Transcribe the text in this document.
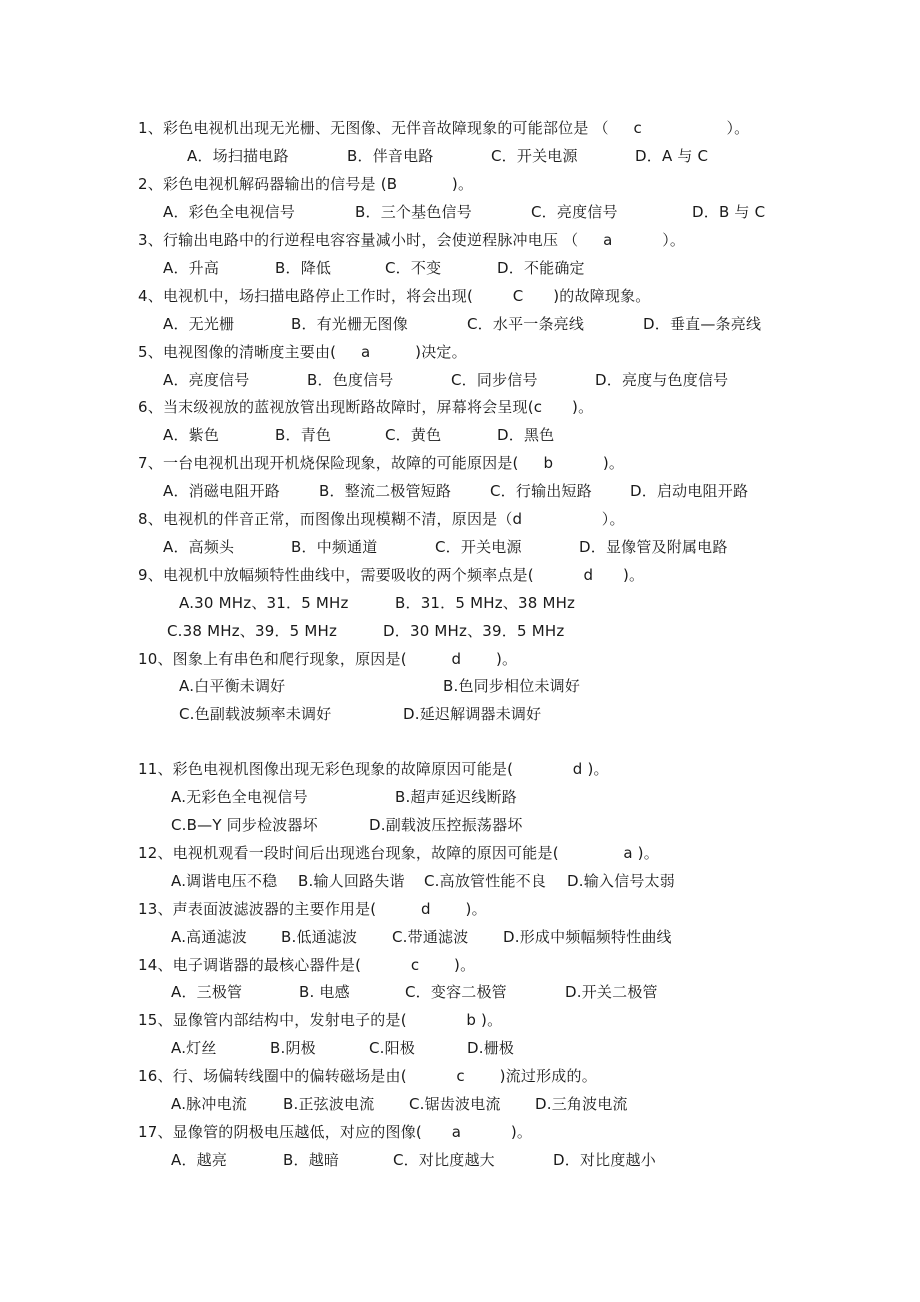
1、彩色电视机出现无光栅、无图像、无伴音故障现象的可能部位是 （     c                 ）。
A．场扫描电路	B．伴音电路	C．开关电源	D．A 与 C
2、彩色电视机解码器输出的信号是 (B           )。
A．彩色全电视信号	B．三个基色信号	C．亮度信号	D．B 与 C
3、行输出电路中的行逆程电容容量减小时，会使逆程脉冲电压 （     a          ）。
A．升高	B．降低	C．不变	D．不能确定
4、电视机中，场扫描电路停止工作时，将会出现(        C      )的故障现象。
A．无光栅	B．有光栅无图像	C．水平一条亮线	D．垂直—条亮线
5、电视图像的清晰度主要由(     a         )决定。
A．亮度信号	B．色度信号	C．同步信号	D．亮度与色度信号
6、当末级视放的蓝视放管出现断路故障时，屏幕将会呈现(c      )。
A．紫色	B．青色	C．黄色	D．黑色
7、一台电视机出现开机烧保险现象，故障的可能原因是(     b          )。
A．消磁电阻开路	B．整流二极管短路	C．行输出短路	D．启动电阻开路
8、电视机的伴音正常，而图像出现模糊不清，原因是（d                ）。
A．高频头	B．中频通道	C．开关电源	D．显像管及附属电路
9、电视机中放幅频特性曲线中，需要吸收的两个频率点是(          d      )。
A.30 MHz、31．5 MHz	B．31．5 MHz、38 MHz
C.38 MHz、39．5 MHz	D．30 MHz、39．5 MHz
10、图象上有串色和爬行现象，原因是(         d       )。
A.白平衡未调好	B.色同步相位未调好
C.色副载波频率未调好	D.延迟解调器未调好
11、彩色电视机图像出现无彩色现象的故障原因可能是(            d )。
A.无彩色全电视信号	B.超声延迟线断路
C.B—Y 同步检波器坏	D.副载波压控振荡器坏
12、电视机观看一段时间后出现逃台现象，故障的原因可能是(             a )。
A.调谐电压不稳 B.输人回路失谐 C.高放管性能不良 D.输入信号太弱
13、声表面波滤波器的主要作用是(         d       )。
A.高通滤波 B.低通滤波 C.带通滤波 D.形成中频幅频特性曲线
14、电子调谐器的最核心器件是(          c       )。
A．三极管	B. 电感	C．变容二极管	D.开关二极管
15、显像管内部结构中，发射电子的是(            b )。
A.灯丝	B.阴极	C.阳极	D.栅极
16、行、场偏转线圈中的偏转磁场是由(          c       )流过形成的。
A.脉冲电流 B.正弦波电流 C.锯齿波电流 D.三角波电流
17、显像管的阴极电压越低，对应的图像(      a          )。
A．越亮	B．越暗	C．对比度越大	D．对比度越小
